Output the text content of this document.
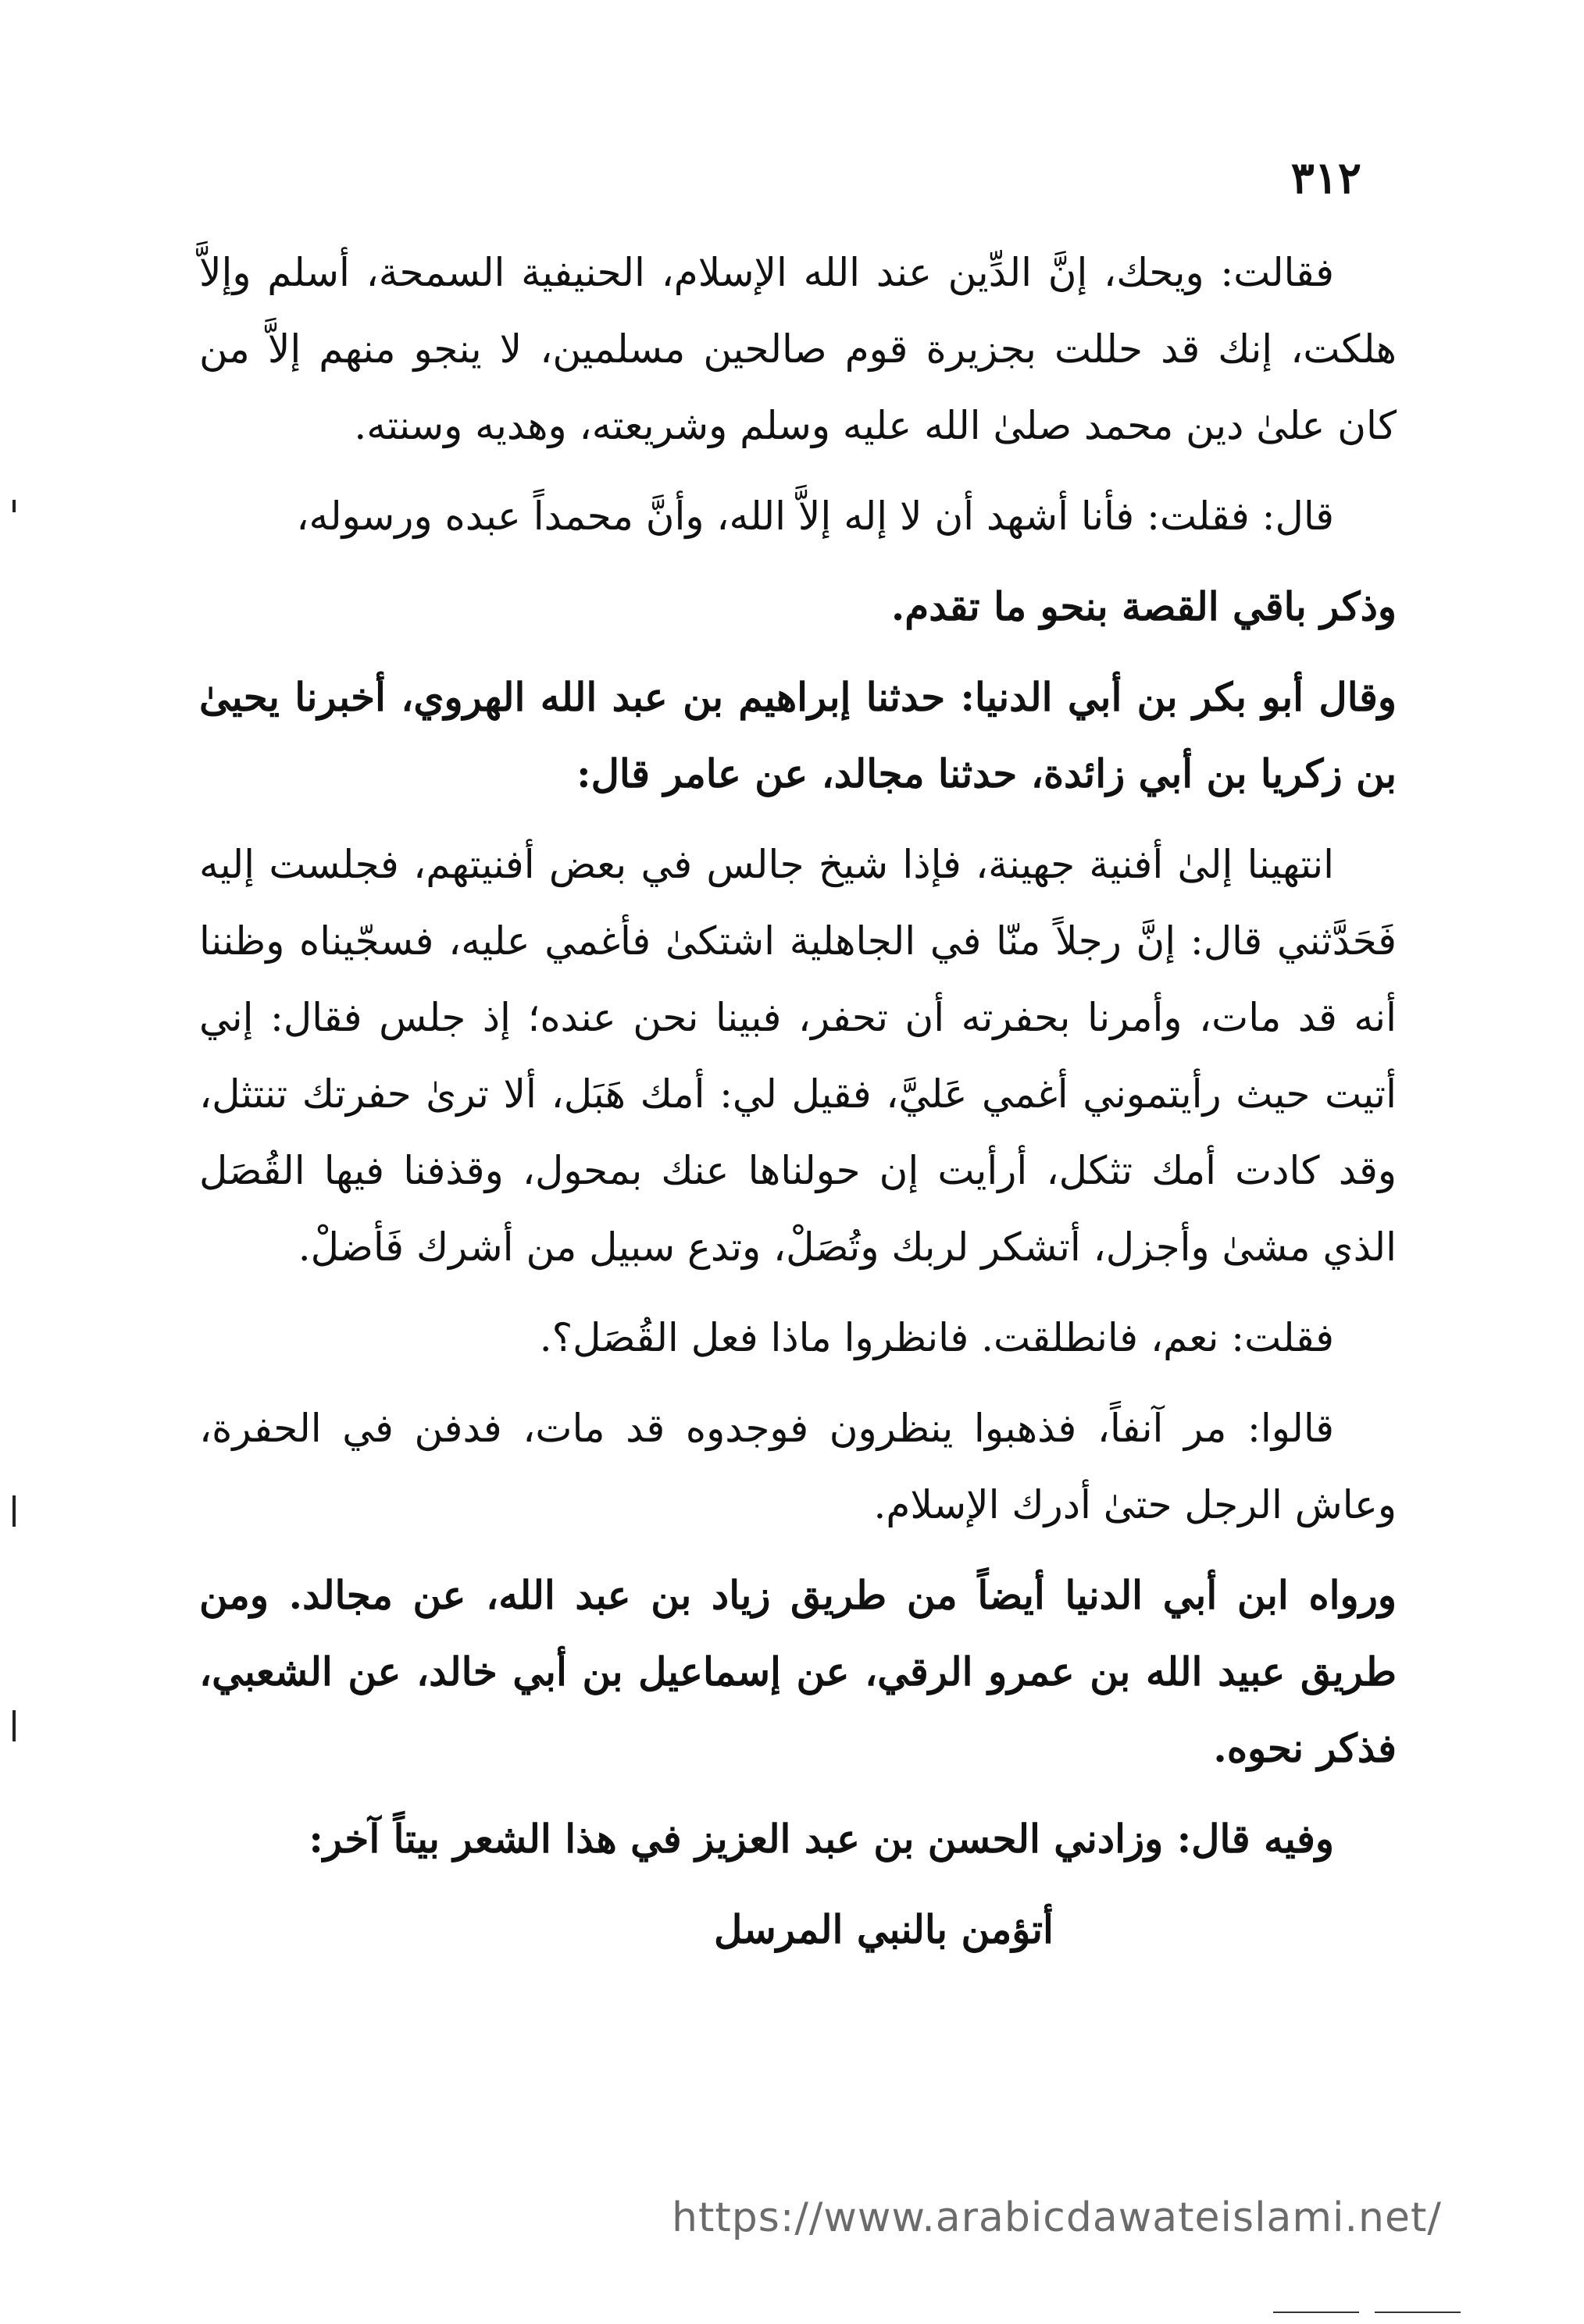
٣١٢

فقالت: ويحك، إنَّ الدِّين عند الله الإسلام، الحنيفية السمحة، أسلم وإلاَّ هلكت، إنك قد حللت بجزيرة قوم صالحين مسلمين، لا ينجو منهم إلاَّ من كان علىٰ دين محمد صلىٰ الله عليه وسلم وشريعته، وهديه وسنته.

قال: فقلت: فأنا أشهد أن لا إله إلاَّ الله، وأنَّ محمداً عبده ورسوله،

وذكر باقي القصة بنحو ما تقدم.

وقال أبو بكر بن أبي الدنيا: حدثنا إبراهيم بن عبد الله الهروي، أخبرنا يحيىٰ بن زكريا بن أبي زائدة، حدثنا مجالد، عن عامر قال:

انتهينا إلىٰ أفنية جهينة، فإذا شيخ جالس في بعض أفنيتهم، فجلست إليه فَحَدَّثني قال: إنَّ رجلاً منّا في الجاهلية اشتكىٰ فأغمي عليه، فسجّيناه وظننا أنه قد مات، وأمرنا بحفرته أن تحفر، فبينا نحن عنده؛ إذ جلس فقال: إني أتيت حيث رأيتموني أغمي عَليَّ، فقيل لي: أمك هَبَل، ألا ترىٰ حفرتك تنتثل، وقد كادت أمك تثكل، أرأيت إن حولناها عنك بمحول، وقذفنا فيها القُصَل الذي مشىٰ وأجزل، أتشكر لربك وتُصَلْ، وتدع سبيل من أشرك فَأضلْ.

فقلت: نعم، فانطلقت. فانظروا ماذا فعل القُصَل؟.

قالوا: مر آنفاً، فذهبوا ينظرون فوجدوه قد مات، فدفن في الحفرة، وعاش الرجل حتىٰ أدرك الإسلام.

ورواه ابن أبي الدنيا أيضاً من طريق زياد بن عبد الله، عن مجالد. ومن طريق عبيد الله بن عمرو الرقي، عن إسماعيل بن أبي خالد، عن الشعبي، فذكر نحوه.

وفيه قال: وزادني الحسن بن عبد العزيز في هذا الشعر بيتاً آخر:

أتؤمن بالنبي المرسل
https://www.arabicdawateislami.net/
